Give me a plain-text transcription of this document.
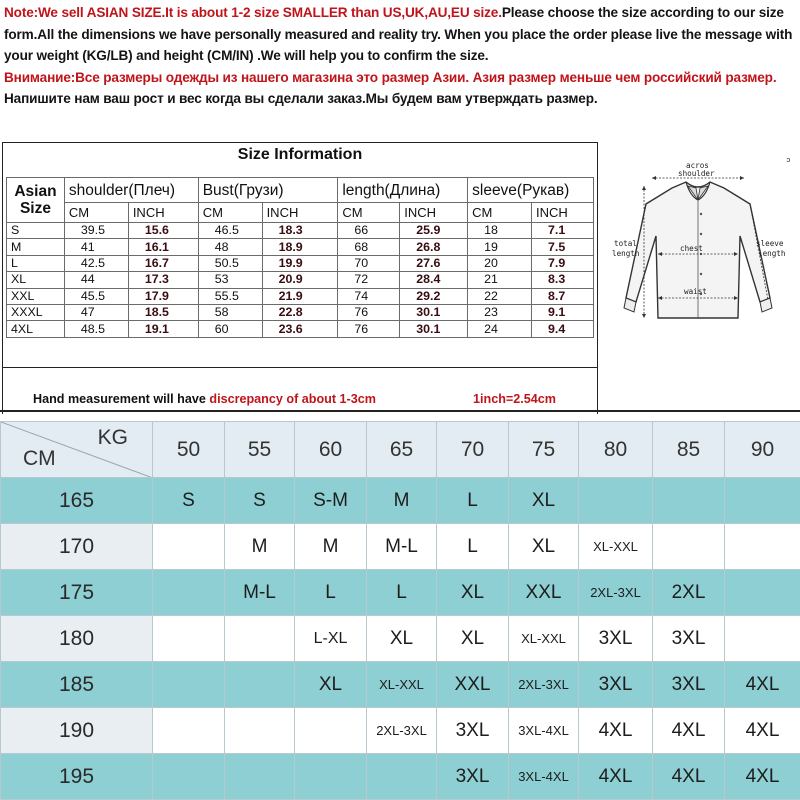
Note:We sell ASIAN SIZE.It is about 1-2 size SMALLER than US,UK,AU,EU size.Please choose the size according to our size form.All the dimensions we have personally measured and reality try. When you place the order please live the message with your weight (KG/LB) and height (CM/IN) .We will help you to confirm the size.
Внимание:Все размеры одежды из нашего магазина это размер Азии. Азия размер меньше чем российский размер. Напишите нам ваш рост и вес когда вы сделали заказ.Мы будем вам утверждать размер.
Size Information
Asian
Size	shoulder(Плеч)		Bust(Грузи)		length(Длина)		sleeve(Рукав)	
	CM	INCH	CM	INCH	CM	INCH	CM	INCH
S	39.5	15.6	46.5	18.3	66	25.9	18	7.1
M	41	16.1	48	18.9	68	26.8	19	7.5
L	42.5	16.7	50.5	19.9	70	27.6	20	7.9
XL	44	17.3	53	20.9	72	28.4	21	8.3
XXL	45.5	17.9	55.5	21.9	74	29.2	22	8.7
XXXL	47	18.5	58	22.8	76	30.1	23	9.1
4XL	48.5	19.1	60	23.6	76	30.1	24	9.4
Hand measurement will have discrepancy of about 1-3cm	1inch=2.54cm
ↄ
acros
shoulder
chest
total
length
sleeve
length
waist
KG
CM	50	55	60	65	70	75	80	85	90
165	S	S	S-M	M	L	XL			
170		M	M	M-L	L	XL	XL-XXL		
175		M-L	L	L	XL	XXL	2XL-3XL	2XL	
180			L-XL	XL	XL	XL-XXL	3XL	3XL	
185			XL	XL-XXL	XXL	2XL-3XL	3XL	3XL	4XL
190				2XL-3XL	3XL	3XL-4XL	4XL	4XL	4XL
195					3XL	3XL-4XL	4XL	4XL	4XL
